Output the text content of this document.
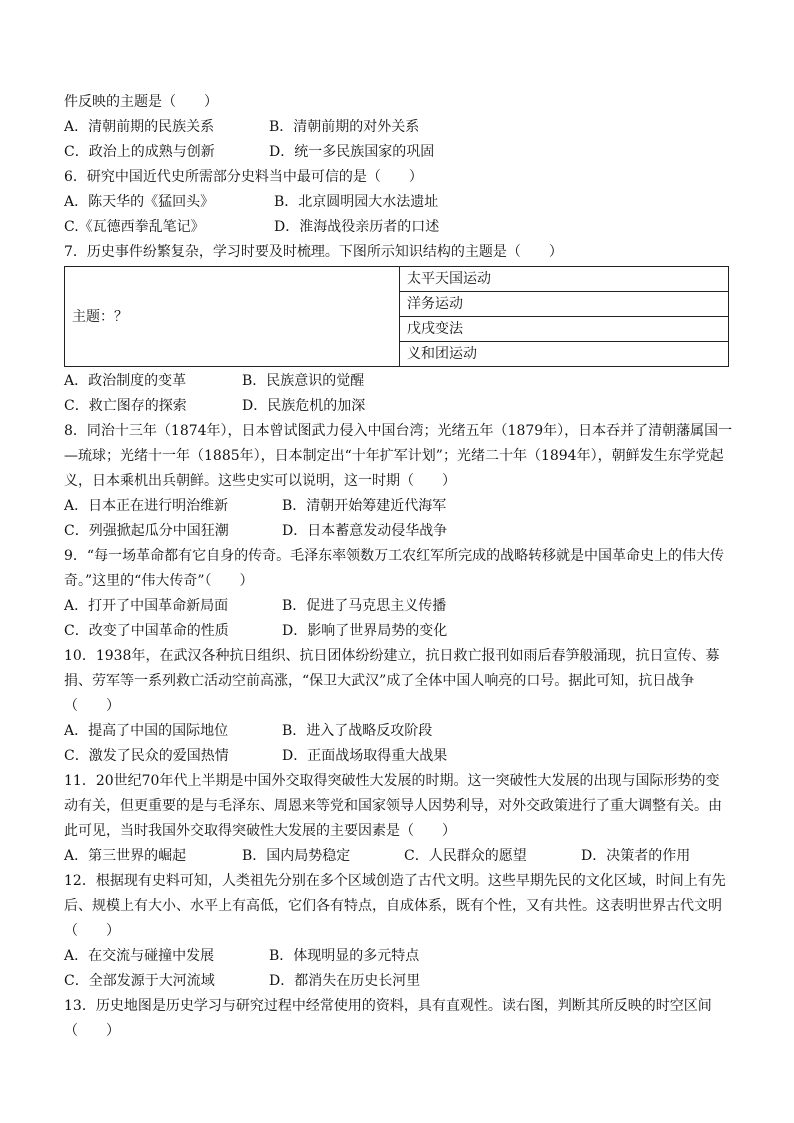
件反映的主题是（　　）
A．清朝前期的民族关系	B．清朝前期的对外关系
C．政治上的成熟与创新	D．统一多民族国家的巩固
6．研究中国近代史所需部分史料当中最可信的是（　　）
A．陈天华的《猛回头》	B．北京圆明园大水法遗址
C.《瓦德西拳乱笔记》	D．淮海战役亲历者的口述
7．历史事件纷繁复杂，学习时要及时梳理。下图所示知识结构的主题是（　　）
主题：？	太平天国运动
洋务运动
戊戌变法
义和团运动
A．政治制度的变革	B．民族意识的觉醒
C．救亡图存的探索	D．民族危机的加深
8．同治十三年（1874年），日本曾试图武力侵入中国台湾；光绪五年（1879年），日本吞并了清朝藩属国一
—琉球；光绪十一年（1885年），日本制定出“十年扩军计划”；光绪二十年（1894年），朝鲜发生东学党起
义，日本乘机出兵朝鲜。这些史实可以说明，这一时期（　　）
A．日本正在进行明治维新	B．清朝开始筹建近代海军
C．列强掀起瓜分中国狂潮	D．日本蓄意发动侵华战争
9．“每一场革命都有它自身的传奇。毛泽东率领数万工农红军所完成的战略转移就是中国革命史上的伟大传
奇。”这里的“伟大传奇”（　　）
A．打开了中国革命新局面	B．促进了马克思主义传播
C．改变了中国革命的性质	D．影响了世界局势的变化
10．1938年，在武汉各种抗日组织、抗日团体纷纷建立，抗日救亡报刊如雨后春笋般涌现，抗日宣传、募
捐、劳军等一系列救亡活动空前高涨，“保卫大武汉”成了全体中国人响亮的口号。据此可知，抗日战争
（　　）
A．提高了中国的国际地位	B．进入了战略反攻阶段
C．激发了民众的爱国热情	D．正面战场取得重大战果
11．20世纪70年代上半期是中国外交取得突破性大发展的时期。这一突破性大发展的出现与国际形势的变
动有关，但更重要的是与毛泽东、周恩来等党和国家领导人因势利导，对外交政策进行了重大调整有关。由
此可见，当时我国外交取得突破性大发展的主要因素是（　　）
A．第三世界的崛起	B．国内局势稳定	C．人民群众的愿望	D．决策者的作用
12．根据现有史料可知，人类祖先分别在多个区域创造了古代文明。这些早期先民的文化区域，时间上有先
后、规模上有大小、水平上有高低，它们各有特点，自成体系，既有个性，又有共性。这表明世界古代文明
（　　）
A．在交流与碰撞中发展	B．体现明显的多元特点
C．全部发源于大河流域	D．都消失在历史长河里
13．历史地图是历史学习与研究过程中经常使用的资料，具有直观性。读右图，判断其所反映的时空区间
（　　）
